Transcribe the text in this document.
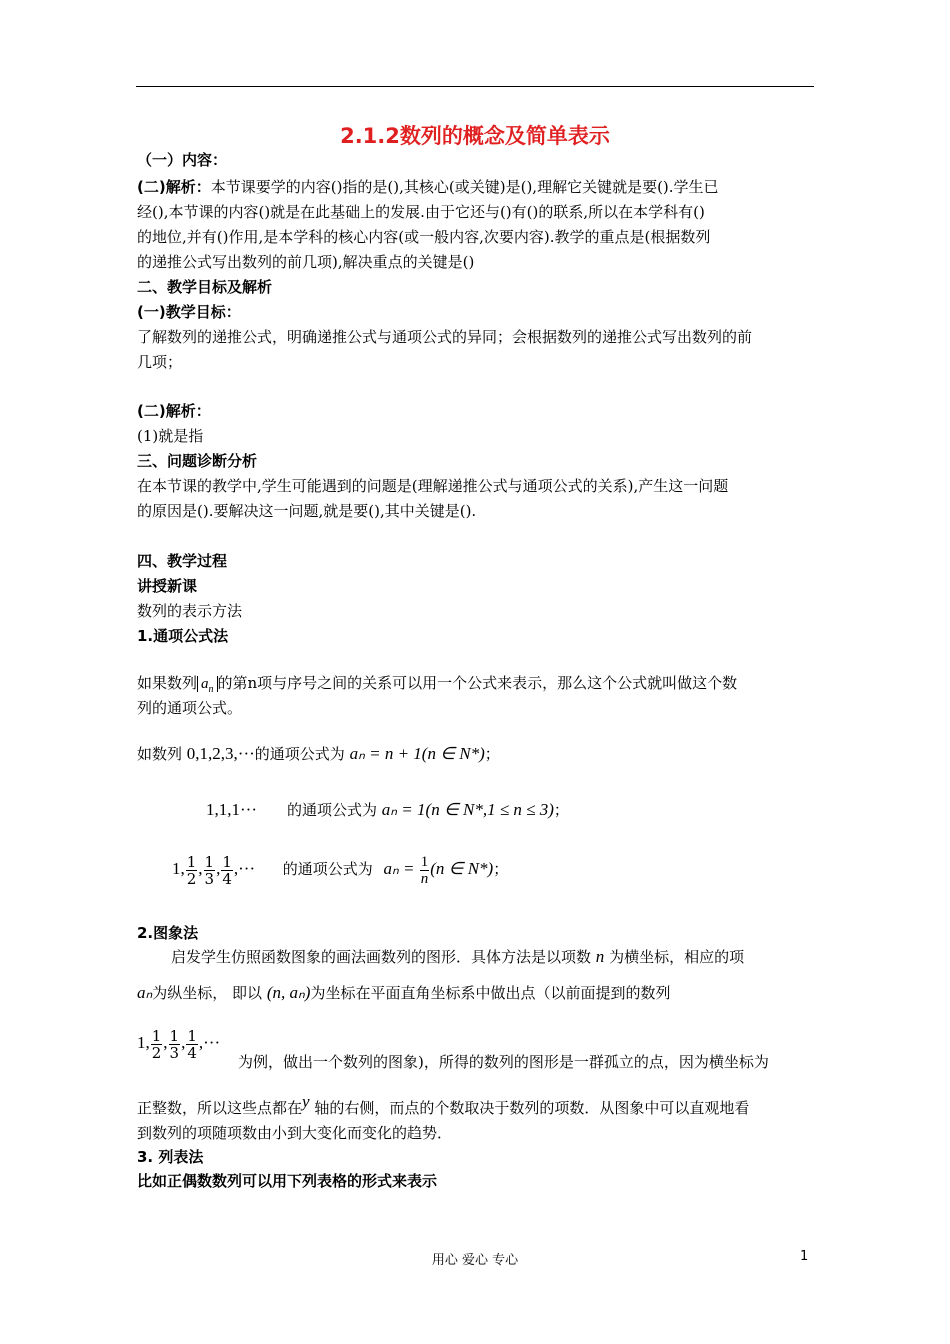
2.1.2数列的概念及简单表示
（一）内容：
(二)解析：本节课要学的内容()指的是(),其核心(或关键)是(),理解它关键就是要().学生已
经(),本节课的内容()就是在此基础上的发展.由于它还与()有()的联系,所以在本学科有()
的地位,并有()作用,是本学科的核心内容(或一般内容,次要内容).教学的重点是(根据数列
的递推公式写出数列的前几项),解决重点的关键是()
二、教学目标及解析
(一)教学目标：
了解数列的递推公式，明确递推公式与通项公式的异同；会根据数列的递推公式写出数列的前
几项；
(二)解析：
(1)就是指
三、问题诊断分析
在本节课的教学中,学生可能遇到的问题是(理解递推公式与通项公式的关系),产生这一问题
的原因是().要解决这一问题,就是要(),其中关键是().
四、教学过程
讲授新课
数列的表示方法
1.通项公式法
如果数列 $a_n$ 的第n项与序号之间的关系可以用一个公式来表示，那么这个公式就叫做这个数
列的通项公式。
如数列 0,1,2,3,···的通项公式为 aₙ = n + 1(n ∈ N*)；
1,1,1··· 的通项公式为 aₙ = 1(n ∈ N*,1 ≤ n ≤ 3)；
1, $\frac{1}{2}$ , $\frac{1}{3}$ , $\frac{1}{4}$ ,··· 的通项公式为 $a_n = \frac{1}{n} (n$ ∈ N*)；
2.图象法
启发学生仿照函数图象的画法画数列的图形．具体方法是以项数 n 为横坐标，相应的项
aₙ为纵坐标， 即以 (n, aₙ)为坐标在平面直角坐标系中做出点（以前面提到的数列
1, $\frac{1}{2}$ , $\frac{1}{3}$ , $\frac{1}{4}$ ,···
为例，做出一个数列的图象)，所得的数列的图形是一群孤立的点，因为横坐标为
正整数，所以这些点都在y 轴的右侧，而点的个数取决于数列的项数．从图象中可以直观地看
到数列的项随项数由小到大变化而变化的趋势．
3. 列表法
比如正偶数数列可以用下列表格的形式来表示
用心 爱心 专心	1
